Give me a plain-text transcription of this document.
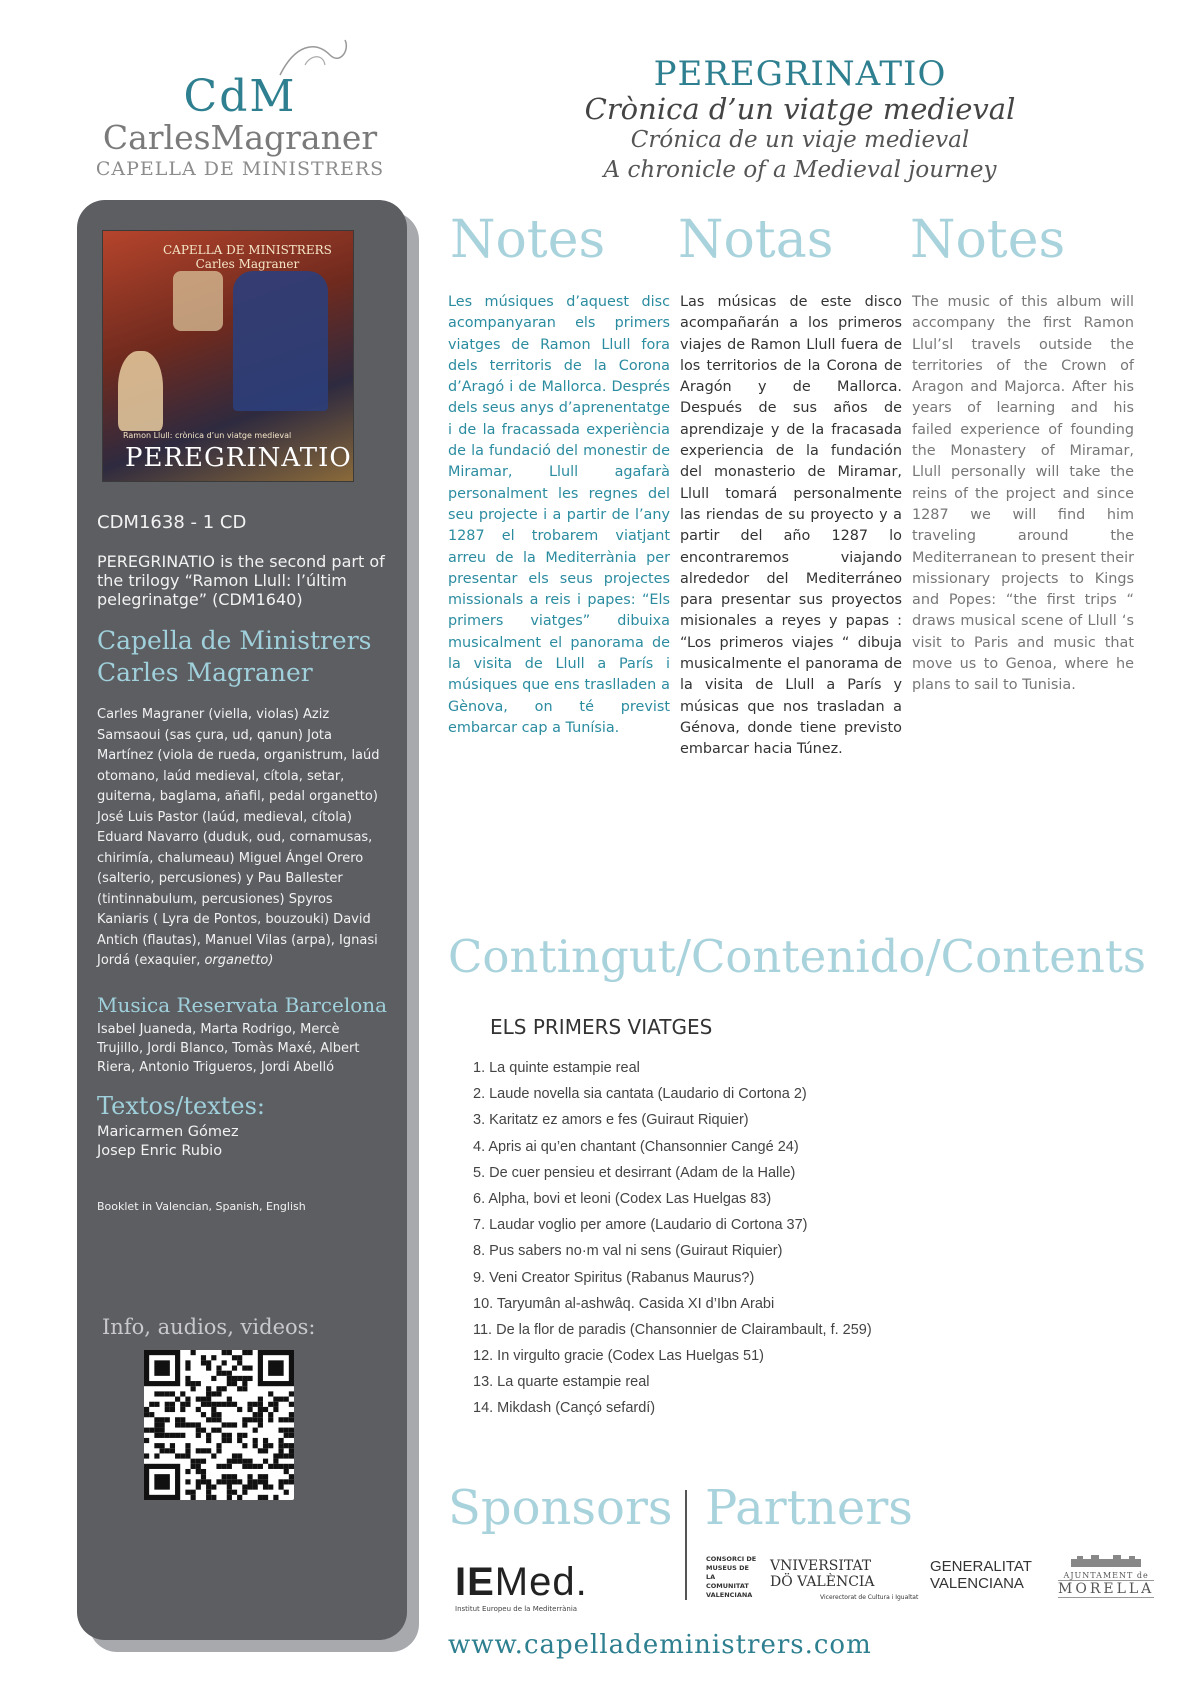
CdM
CarlesMagraner
CAPELLA DE MINISTRERS
PEREGRINATIO
Crònica d’un viatge medieval
Crónica de un viaje medieval
A chronicle of a Medieval journey
CAPELLA DE MINISTRERS
Carles Magraner
Ramon Llull: crònica d’un viatge medieval
PEREGRINATIO
CDM1638 - 1 CD
PEREGRINATIO is the second part of the trilogy “Ramon Llull: l’últim pelegrinatge” (CDM1640)
Capella de Ministrers
Carles Magraner
Carles Magraner (viella, violas) Aziz Samsaoui (sas çura, ud, qanun) Jota Martínez (viola de rueda, organistrum, laúd otomano, laúd medieval, cítola, setar, guiterna, baglama, añafil, pedal organetto) José Luis Pastor (laúd, medieval, cítola) Eduard Navarro (duduk, oud, cornamusas, chirimía, chalumeau) Miguel Ángel Orero (salterio, percusiones) y Pau Ballester (tintinnabulum, percusiones) Spyros Kaniaris ( Lyra de Pontos, bouzouki) David Antich (flautas), Manuel Vilas (arpa), Ignasi Jordá (exaquier, organetto)
Musica Reservata Barcelona
Isabel Juaneda, Marta Rodrigo, Mercè Trujillo, Jordi Blanco, Tomàs Maxé, Albert Riera, Antonio Trigueros, Jordi Abelló
Textos/textes:
Maricarmen Gómez
Josep Enric Rubio
Booklet in Valencian, Spanish, English
Info, audios, videos:
Notes Notas Notes
Les músiques d’aquest disc acompanyaran els primers viatges de Ramon Llull fora dels territoris de la Corona d’Aragó i de Mallorca. Després dels seus anys d’aprenentatge i de la fracassada experiència de la fundació del monestir de Miramar, Llull agafarà personalment les regnes del seu projecte i a partir de l’any 1287 el trobarem viatjant arreu de la Mediterrània per presentar els seus projectes missionals a reis i papes: “Els primers viatges” dibuixa musicalment el panorama de la visita de Llull a París i músiques que ens traslladen a Gènova, on té previst embarcar cap a Tunísia.
Las músicas de este disco acompañarán a los primeros viajes de Ramon Llull fuera de los territorios de la Corona de Aragón y de Mallorca. Después de sus años de aprendizaje y de la fracasada experiencia de la fundación del monasterio de Miramar, Llull tomará personalmente las riendas de su proyecto y a partir del año 1287 lo encontraremos viajando alrededor del Mediterráneo para presentar sus proyectos misionales a reyes y papas : “Los primeros viajes “ dibuja musicalmente el panorama de la visita de Llull a París y músicas que nos trasladan a Génova, donde tiene previsto embarcar hacia Túnez.
The music of this album will accompany the first Ramon Llul’sl travels outside the territories of the Crown of Aragon and Majorca. After his years of learning and his failed experience of founding the Monastery of Miramar, Llull personally will take the reins of the project and since 1287 we will find him traveling around the Mediterranean to present their missionary projects to Kings and Popes: “the first trips “ draws musical scene of Llull ‘s visit to Paris and music that move us to Genoa, where he plans to sail to Tunisia.
Contingut/Contenido/Contents
ELS PRIMERS VIATGES
1. La quinte estampie real
2. Laude novella sia cantata (Laudario di Cortona 2)
3. Karitatz ez amors e fes (Guiraut Riquier)
4. Apris ai qu’en chantant (Chansonnier Cangé 24)
5. De cuer pensieu et desirrant (Adam de la Halle)
6. Alpha, bovi et leoni (Codex Las Huelgas 83)
7. Laudar voglio per amore (Laudario di Cortona 37)
8. Pus sabers no·m val ni sens (Guiraut Riquier)
9. Veni Creator Spiritus (Rabanus Maurus?)
10. Taryumân al-ashwâq. Casida XI d’Ibn Arabi
11. De la flor de paradis (Chansonnier de Clairambault, f. 259)
12. In virgulto gracie (Codex Las Huelgas 51)
13. La quarte estampie real
14. Mikdash (Cançó sefardí)
Sponsors Partners
IEMed.
Institut Europeu de la Mediterrània
CONSORCI DE MUSEUS DE LA COMUNITAT VALENCIANA
VNIVERSITAT
DÖ VALÈNCIA
Vicerectorat de Cultura i Igualtat
GENERALITAT
VALENCIANA	AJUNTAMENT de
MORELLA
www.capelladeministrers.com
